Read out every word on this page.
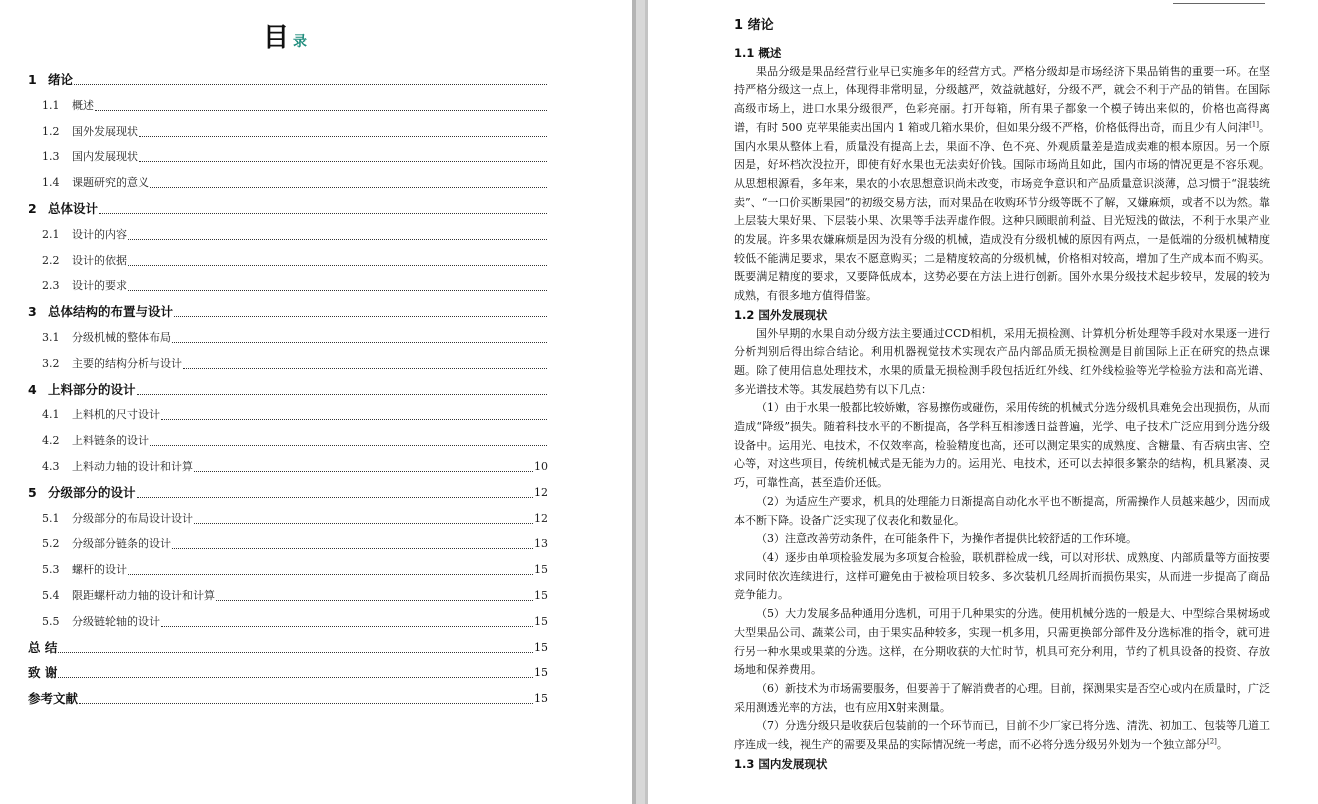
目录
1 绪论
1.1 概述
1.2 国外发展现状
1.3 国内发展现状
1.4 课题研究的意义
2 总体设计
2.1 设计的内容
2.2 设计的依据
2.3 设计的要求
3 总体结构的布置与设计
3.1 分级机械的整体布局
3.2 主要的结构分析与设计
4 上料部分的设计
4.1 上料机的尺寸设计
4.2 上料链条的设计
4.3 上料动力轴的设计和计算	10
5 分级部分的设计	12
5.1 分级部分的布局设计设计	12
5.2 分级部分链条的设计	13
5.3 螺杆的设计	15
5.4 限距螺杆动力轴的设计和计算	15
5.5 分级链轮轴的设计	15
总 结	15
致 谢	15
参考文献	15
1 绪论
1.1 概述

果品分级是果品经营行业早已实施多年的经营方式。严格分级却是市场经济下果品销售的重要一环。在坚持严格分级这一点上，体现得非常明显，分级越严，效益就越好，分级不严，就会不利于产品的销售。在国际高级市场上，进口水果分级很严，色彩亮丽。打开每箱，所有果子都象一个模子铸出来似的，价格也高得离谱，有时 500 克苹果能卖出国内 1 箱或几箱水果价，但如果分级不严格，价格低得出奇，而且少有人问津[1]。国内水果从整体上看，质量没有提高上去，果面不净、色不亮、外观质量差是造成卖难的根本原因。另一个原因是，好坏档次没拉开，即使有好水果也无法卖好价钱。国际市场尚且如此，国内市场的情况更是不容乐观。从思想根源看，多年来，果农的小农思想意识尚未改变，市场竞争意识和产品质量意识淡薄，总习惯于“混装统卖”、“一口价买断果园”的初级交易方法，而对果品在收购环节分级等既不了解，又嫌麻烦，或者不以为然。靠上层装大果好果、下层装小果、次果等手法弄虚作假。这种只顾眼前利益、目光短浅的做法，不利于水果产业的发展。许多果农嫌麻烦是因为没有分级的机械，造成没有分级机械的原因有两点，一是低端的分级机械精度较低不能满足要求，果农不愿意购买；二是精度较高的分级机械，价格相对较高，增加了生产成本而不购买。既要满足精度的要求，又要降低成本，这势必要在方法上进行创新。国外水果分级技术起步较早，发展的较为成熟，有很多地方值得借鉴。

1.2 国外发展现状

国外早期的水果自动分级方法主要通过CCD相机，采用无损检测、计算机分析处理等手段对水果逐一进行分析判别后得出综合结论。利用机器视觉技术实现农产品内部品质无损检测是目前国际上正在研究的热点课题。除了使用信息处理技术，水果的质量无损检测手段包括近红外线、红外线检验等光学检验方法和高光谱、多光谱技术等。其发展趋势有以下几点：

（1）由于水果一般都比较娇嫩，容易擦伤或碰伤，采用传统的机械式分选分级机具难免会出现损伤，从而造成“降级”损失。随着科技水平的不断提高，各学科互相渗透日益普遍，光学、电子技术广泛应用到分选分级设备中。运用光、电技术，不仅效率高，检验精度也高，还可以测定果实的成熟度、含糖量、有否病虫害、空心等，对这些项目，传统机械式是无能为力的。运用光、电技术，还可以去掉很多繁杂的结构，机具紧凑、灵巧，可靠性高，甚至造价还低。

（2）为适应生产要求，机具的处理能力日渐提高自动化水平也不断提高，所需操作人员越来越少，因而成本不断下降。设备广泛实现了仪表化和数显化。

（3）注意改善劳动条件，在可能条件下，为操作者提供比较舒适的工作环境。

（4）逐步由单项检验发展为多项复合检验，联机群检成一线，可以对形状、成熟度、内部质量等方面按要求同时依次连续进行，这样可避免由于被检项目较多、多次装机几经周折而损伤果实，从而进一步提高了商品竞争能力。

（5）大力发展多品种通用分选机，可用于几种果实的分选。使用机械分选的一般是大、中型综合果树场或大型果品公司、蔬菜公司，由于果实品种较多，实现一机多用，只需更换部分部件及分选标准的指令，就可进行另一种水果或果菜的分选。这样，在分期收获的大忙时节，机具可充分利用，节约了机具设备的投资、存放场地和保养费用。

（6）新技术为市场需要服务，但要善于了解消费者的心理。目前，探测果实是否空心或内在质量时，广泛采用测透光率的方法，也有应用X射来测量。

（7）分选分级只是收获后包装前的一个环节而已，目前不少厂家已将分选、清洗、初加工、包装等几道工序连成一线，视生产的需要及果品的实际情况统一考虑，而不必将分选分级另外划为一个独立部分[2]。

1.3 国内发展现状
